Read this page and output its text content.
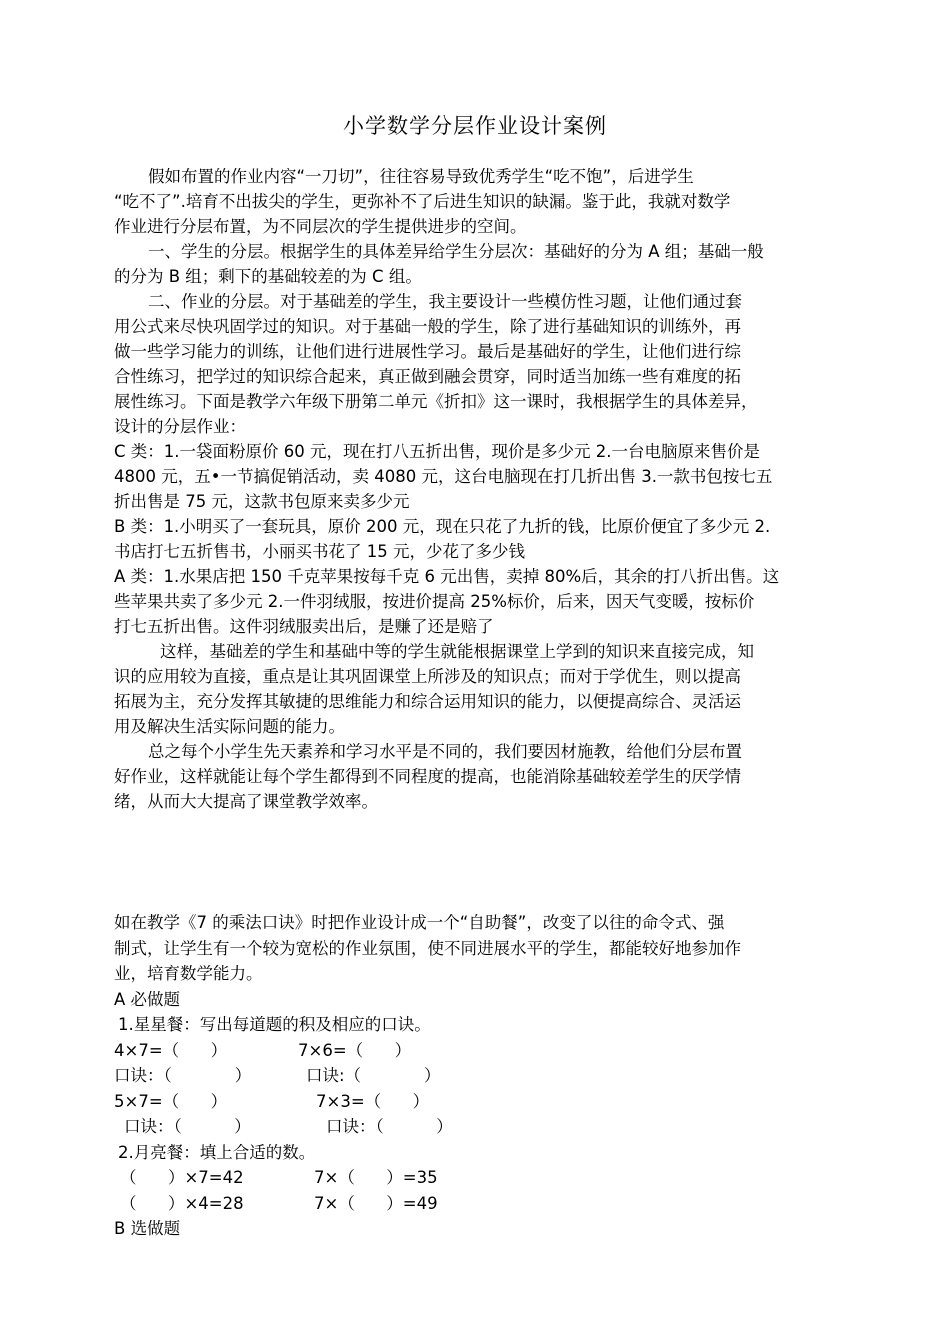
小学数学分层作业设计案例
假如布置的作业内容“一刀切”，往往容易导致优秀学生“吃不饱”，后进学生
“吃不了”.培育不出拔尖的学生，更弥补不了后进生知识的缺漏。鉴于此，我就对数学
作业进行分层布置，为不同层次的学生提供进步的空间。
一、学生的分层。根据学生的具体差异给学生分层次：基础好的分为 A 组；基础一般
的分为 B 组；剩下的基础较差的为 C 组。
二、作业的分层。对于基础差的学生，我主要设计一些模仿性习题，让他们通过套
用公式来尽快巩固学过的知识。对于基础一般的学生，除了进行基础知识的训练外，再
做一些学习能力的训练，让他们进行进展性学习。最后是基础好的学生，让他们进行综
合性练习，把学过的知识综合起来，真正做到融会贯穿，同时适当加练一些有难度的拓
展性练习。下面是教学六年级下册第二单元《折扣》这一课时，我根据学生的具体差异，
设计的分层作业：
C 类：1.一袋面粉原价 60 元，现在打八五折出售，现价是多少元 2.一台电脑原来售价是
4800 元，五•一节搞促销活动，卖 4080 元，这台电脑现在打几折出售 3.一款书包按七五
折出售是 75 元，这款书包原来卖多少元
B 类：1.小明买了一套玩具，原价 200 元，现在只花了九折的钱，比原价便宜了多少元 2.
书店打七五折售书，小丽买书花了 15 元，少花了多少钱
A 类：1.水果店把 150 千克苹果按每千克 6 元出售，卖掉 80%后，其余的打八折出售。这
些苹果共卖了多少元 2.一件羽绒服，按进价提高 25%标价，后来，因天气变暖，按标价
打七五折出售。这件羽绒服卖出后，是赚了还是赔了
这样，基础差的学生和基础中等的学生就能根据课堂上学到的知识来直接完成，知
识的应用较为直接，重点是让其巩固课堂上所涉及的知识点；而对于学优生，则以提高
拓展为主，充分发挥其敏捷的思维能力和综合运用知识的能力，以便提高综合、灵活运
用及解决生活实际问题的能力。
总之每个小学生先天素养和学习水平是不同的，我们要因材施教，给他们分层布置
好作业，这样就能让每个学生都得到不同程度的提高，也能消除基础较差学生的厌学情
绪，从而大大提高了课堂教学效率。
如在教学《7 的乘法口诀》时把作业设计成一个“自助餐”，改变了以往的命令式、强
制式，让学生有一个较为宽松的作业氛围，使不同进展水平的学生，都能较好地参加作
业，培育数学能力。
A 必做题
1.星星餐：写出每道题的积及相应的口诀。

4×7=（      ）

	7×6=（      ）

口诀：（            ）

	口诀:（            ）

5×7=（      ）

	7×3=（      ）

口诀：（          ）

	口诀：（          ）

2.月亮餐：填上合适的数。

（      ）×7=42

	7×（      ）=35

（      ）×4=28

	7×（      ）=49

B 选做题
